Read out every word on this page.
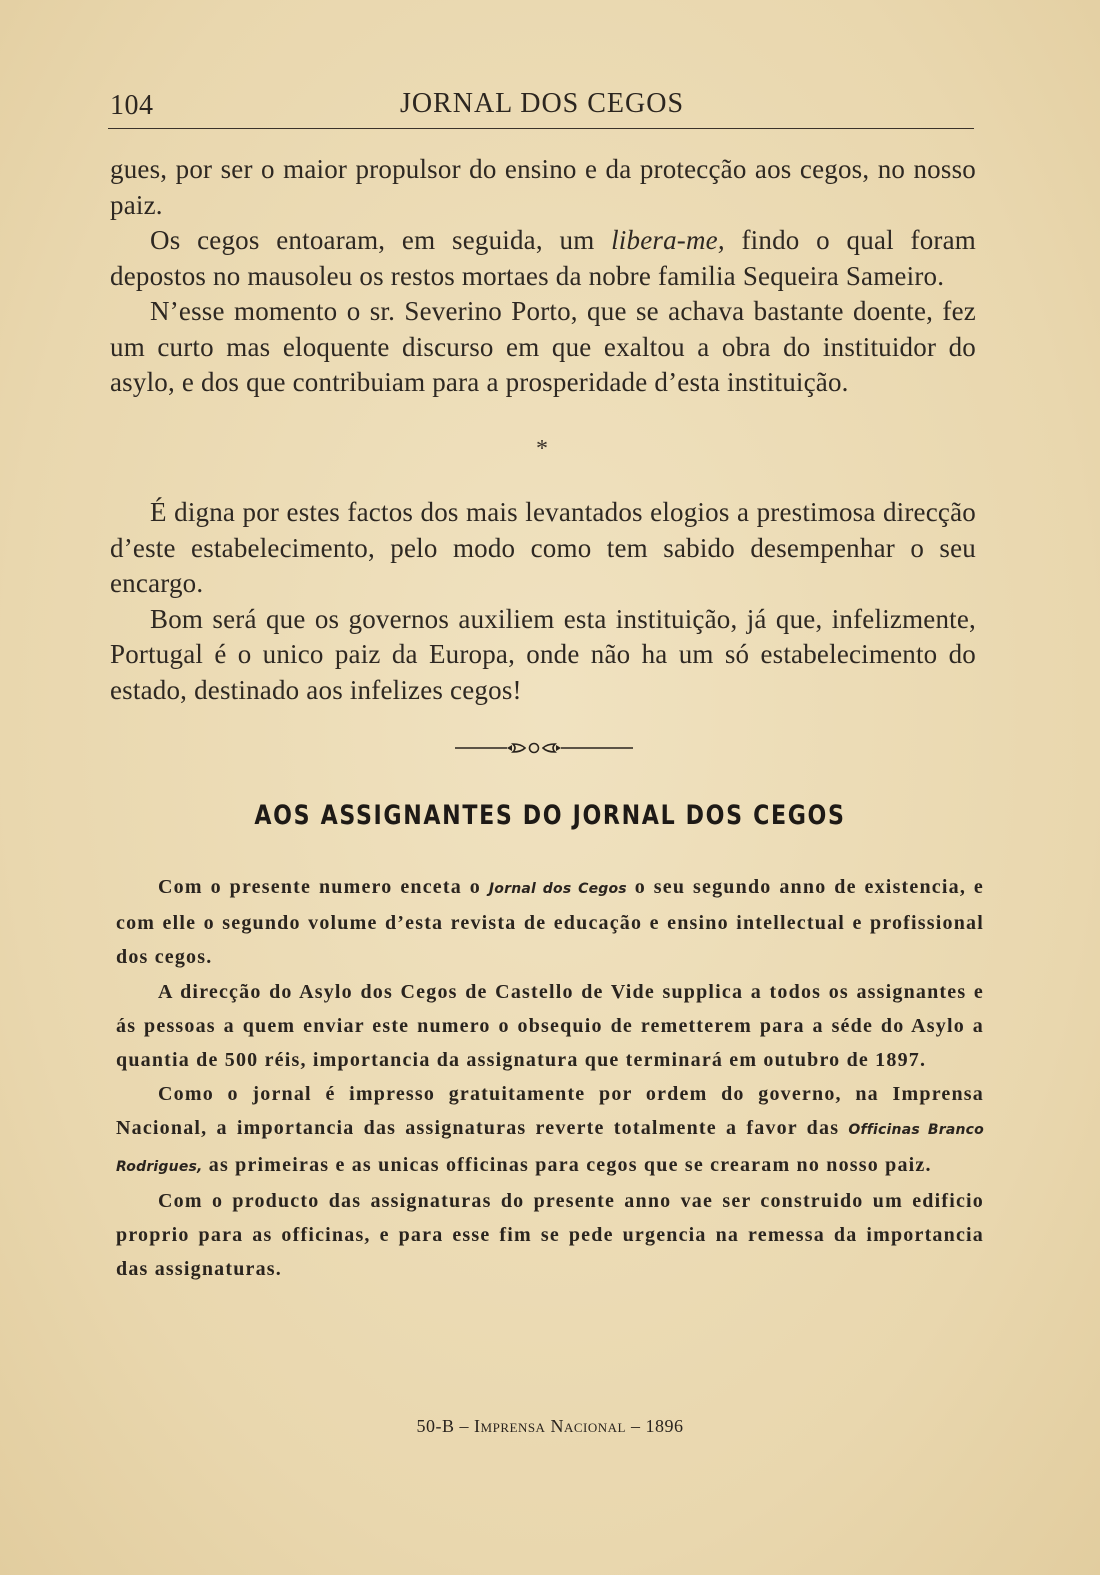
104	JORNAL DOS CEGOS

gues, por ser o maior propulsor do ensino e da protecção aos cegos, no nosso paiz.

Os cegos entoaram, em seguida, um libera-me, findo o qual foram depostos no mausoleu os restos mortaes da nobre familia Sequeira Sameiro.

N’esse momento o sr. Severino Porto, que se achava bastante doente, fez um curto mas eloquente discurso em que exaltou a obra do instituidor do asylo, e dos que contribuiam para a prosperidade d’esta instituição.

*

É digna por estes factos dos mais levantados elogios a prestimosa direcção d’este estabelecimento, pelo modo como tem sabido desempenhar o seu encargo.

Bom será que os governos auxiliem esta instituição, já que, infelizmente, Portugal é o unico paiz da Europa, onde não ha um só estabelecimento do estado, destinado aos infelizes cegos!

AOS ASSIGNANTES DO JORNAL DOS CEGOS

Com o presente numero enceta o Jornal dos Cegos o seu segundo anno de existencia, e com elle o segundo volume d’esta revista de educação e ensino intellectual e profissional dos cegos.

A direcção do Asylo dos Cegos de Castello de Vide supplica a todos os assignantes e ás pessoas a quem enviar este numero o obsequio de remetterem para a séde do Asylo a quantia de 500 réis, importancia da assignatura que terminará em outubro de 1897.

Como o jornal é impresso gratuitamente por ordem do governo, na Imprensa Nacional, a importancia das assignaturas reverte totalmente a favor das Officinas Branco Rodrigues, as primeiras e as unicas officinas para cegos que se crearam no nosso paiz.

Com o producto das assignaturas do presente anno vae ser construido um edificio proprio para as officinas, e para esse fim se pede urgencia na remessa da importancia das assignaturas.

50-B – Imprensa Nacional – 1896
